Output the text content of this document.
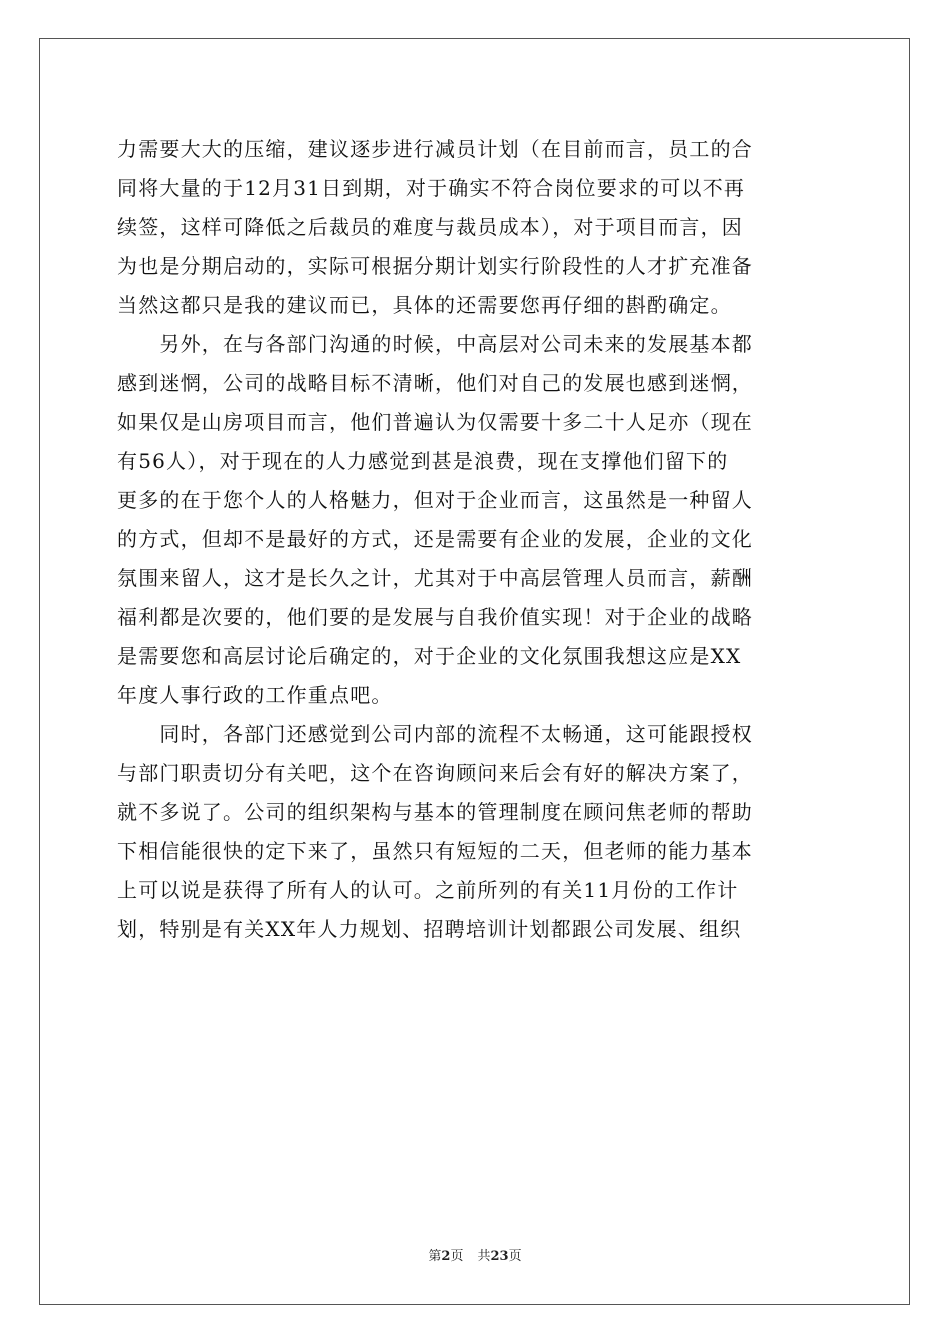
力需要大大的压缩，建议逐步进行减员计划（在目前而言，员工的合
同将大量的于12月31日到期，对于确实不符合岗位要求的可以不再
续签，这样可降低之后裁员的难度与裁员成本），对于项目而言，因
为也是分期启动的，实际可根据分期计划实行阶段性的人才扩充准备
当然这都只是我的建议而已，具体的还需要您再仔细的斟酌确定。
　　另外，在与各部门沟通的时候，中高层对公司未来的发展基本都
感到迷惘，公司的战略目标不清晰，他们对自己的发展也感到迷惘，
如果仅是山房项目而言，他们普遍认为仅需要十多二十人足亦（现在
有56人），对于现在的人力感觉到甚是浪费，现在支撑他们留下的
更多的在于您个人的人格魅力，但对于企业而言，这虽然是一种留人
的方式，但却不是最好的方式，还是需要有企业的发展，企业的文化
氛围来留人，这才是长久之计，尤其对于中高层管理人员而言，薪酬
福利都是次要的，他们要的是发展与自我价值实现！对于企业的战略
是需要您和高层讨论后确定的，对于企业的文化氛围我想这应是XX
年度人事行政的工作重点吧。
　　同时，各部门还感觉到公司内部的流程不太畅通，这可能跟授权
与部门职责切分有关吧，这个在咨询顾问来后会有好的解决方案了，
就不多说了。公司的组织架构与基本的管理制度在顾问焦老师的帮助
下相信能很快的定下来了，虽然只有短短的二天，但老师的能力基本
上可以说是获得了所有人的认可。之前所列的有关11月份的工作计
划，特别是有关XX年人力规划、招聘培训计划都跟公司发展、组织
第2页 共23页
